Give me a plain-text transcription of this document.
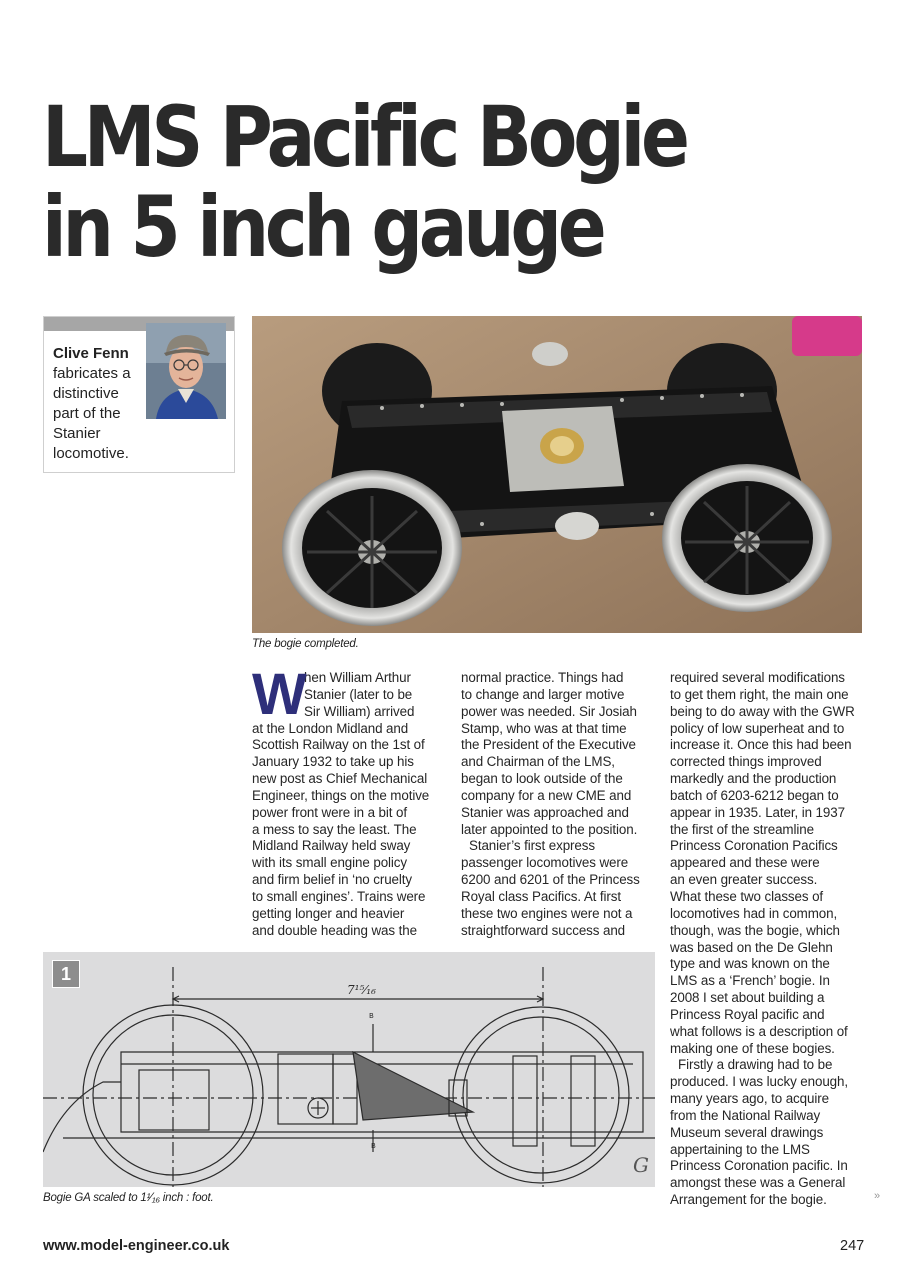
LMS Pacific Bogie
in 5 inch gauge
Clive Fenn
fabricates a
distinctive
part of the
Stanier
locomotive.
The bogie completed.
W
hen William Arthur
Stanier (later to be
Sir William) arrived
at the London Midland and
Scottish Railway on the 1st of
January 1932 to take up his
new post as Chief Mechanical
Engineer, things on the motive
power front were in a bit of
a mess to say the least. The
Midland Railway held sway
with its small engine policy
and firm belief in ‘no cruelty
to small engines’. Trains were
getting longer and heavier
and double heading was the
normal practice. Things had
to change and larger motive
power was needed. Sir Josiah
Stamp, who was at that time
the President of the Executive
and Chairman of the LMS,
began to look outside of the
company for a new CME and
Stanier was approached and
later appointed to the position.
Stanier’s first express
passenger locomotives were
6200 and 6201 of the Princess
Royal class Pacifics. At first
these two engines were not a
straightforward success and
required several modifications
to get them right, the main one
being to do away with the GWR
policy of low superheat and to
increase it. Once this had been
corrected things improved
markedly and the production
batch of 6203-6212 began to
appear in 1935. Later, in 1937
the first of the streamline
Princess Coronation Pacifics
appeared and these were
an even greater success.
What these two classes of
locomotives had in common,
though, was the bogie, which
was based on the De Glehn
type and was known on the
LMS as a ‘French’ bogie. In
2008 I set about building a
Princess Royal pacific and
what follows is a description of
making one of these bogies.
Firstly a drawing had to be
produced. I was lucky enough,
many years ago, to acquire
from the National Railway
Museum several drawings
appertaining to the LMS
Princess Coronation pacific. In
amongst these was a General
Arrangement for the bogie.
7¹⁵⁄₁₆
B
B
G
1
Bogie GA scaled to 1¹⁄₁₆ inch : foot.	»
www.model-engineer.co.uk	247
